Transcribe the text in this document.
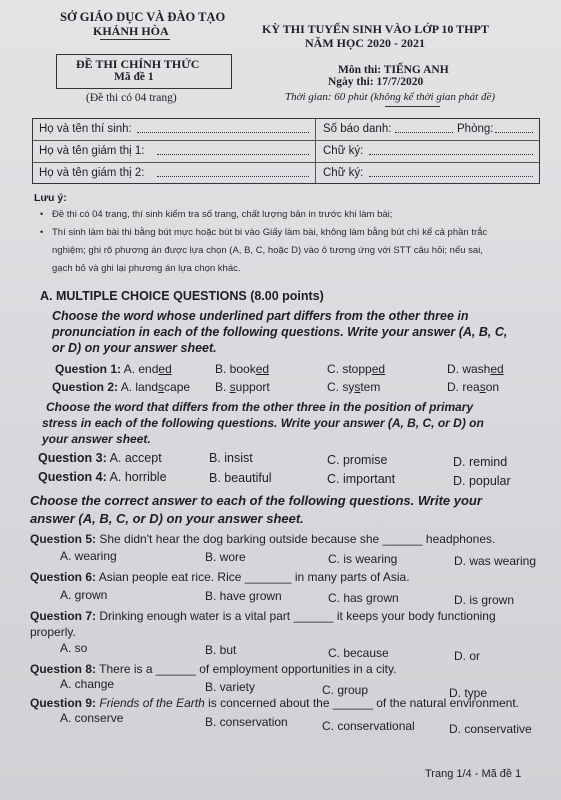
SỞ GIÁO DỤC VÀ ĐÀO TẠO
KHÁNH HÒA	KỲ THI TUYỂN SINH VÀO LỚP 10 THPT
NĂM HỌC 2020 - 2021
ĐỀ THI CHÍNH THỨC
Mã đề 1
(Đề thi có 04 trang)
Môn thi: TIẾNG ANH
Ngày thi: 17/7/2020
Thời gian: 60 phút (không kể thời gian phát đề)
Họ và tên thí sinh:	Số báo danh:	Phòng:
Họ và tên giám thị 1:	Chữ ký:
Họ và tên giám thị 2:	Chữ ký:
Lưu ý:
• Đề thi có 04 trang, thí sinh kiểm tra số trang, chất lượng bản in trước khi làm bài;
• Thí sinh làm bài thi bằng bút mực hoặc bút bi vào Giấy làm bài, không làm bằng bút chì kể cả phần trắc
nghiệm; ghi rõ phương án được lựa chọn (A, B, C, hoặc D) vào ô tương ứng với STT câu hỏi; nếu sai,
gạch bỏ và ghi lại phương án lựa chọn khác.
A. MULTIPLE CHOICE QUESTIONS (8.00 points)
Choose the word whose underlined part differs from the other three in
pronunciation in each of the following questions. Write your answer (A, B, C,
or D) on your answer sheet.
Question 1: A. ended	B. booked	C. stopped	D. washed
Question 2: A. landscape B. support	C. system	D. reason
Choose the word that differs from the other three in the position of primary
stress in each of the following questions. Write your answer (A, B, C, or D) on
your answer sheet.
Question 3: A. accept	B. insist	C. promise	D. remind
Question 4: A. horrible	B. beautiful	C. important	D. popular
Choose the correct answer to each of the following questions. Write your
answer (A, B, C, or D) on your answer sheet.
Question 5: She didn't hear the dog barking outside because she ______ headphones.
A. wearing	B. wore	C. is wearing	D. was wearing
Question 6: Asian people eat rice. Rice _______ in many parts of Asia.
A. grown	B. have grown	C. has grown	D. is grown
Question 7: Drinking enough water is a vital part ______ it keeps your body functioning
properly.
A. so	B. but	C. because	D. or
Question 8: There is a ______ of employment opportunities in a city.
A. change	B. variety	C. group	D. type
Question 9: Friends of the Earth is concerned about the ______ of the natural environment.
A. conserve	B. conservation	C. conservational	D. conservative
Trang 1/4 - Mã đề 1
